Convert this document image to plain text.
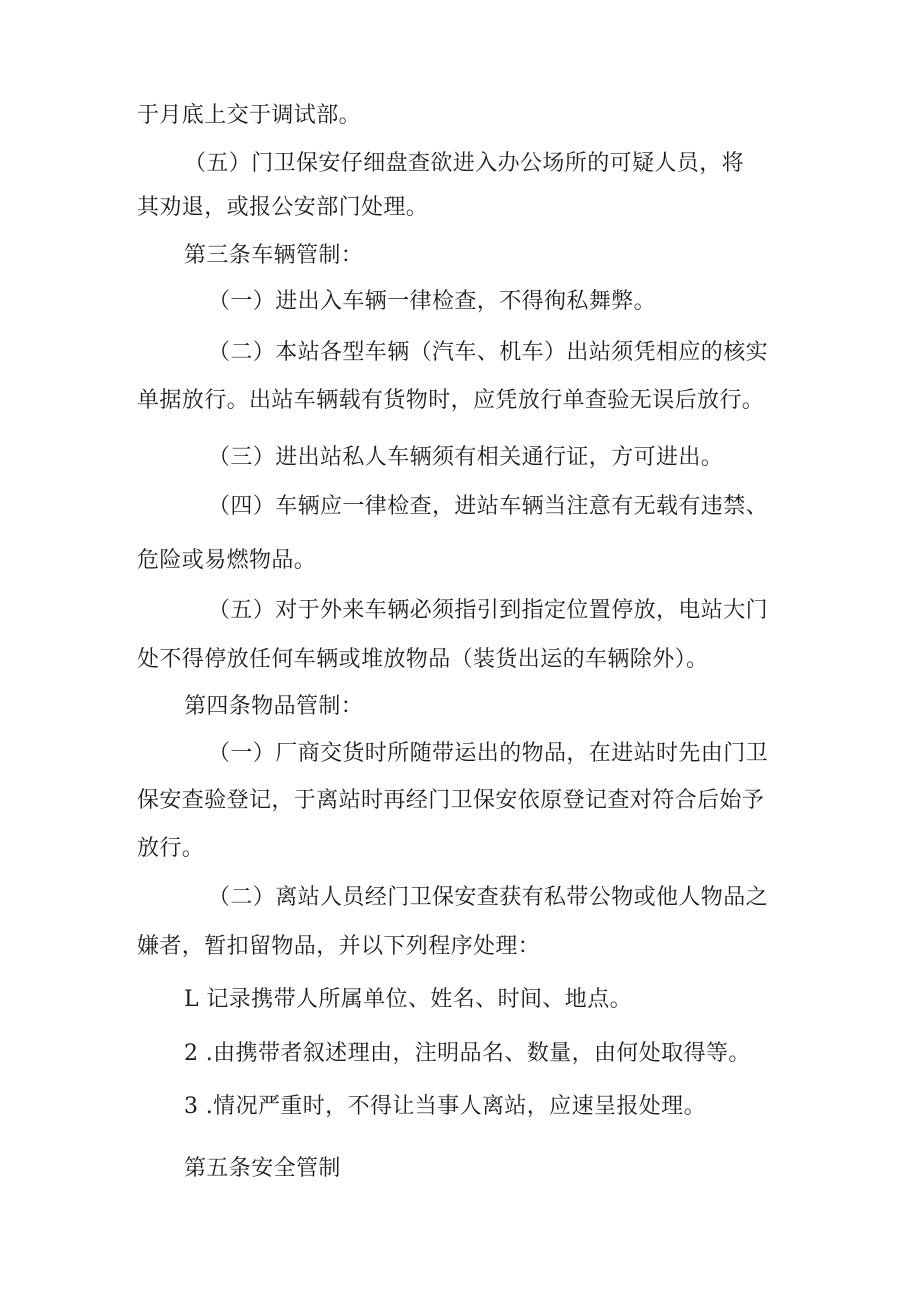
于月底上交于调试部。
（五）门卫保安仔细盘查欲进入办公场所的可疑人员，将
其劝退，或报公安部门处理。
第三条车辆管制：
（一）进出入车辆一律检查，不得徇私舞弊。
（二）本站各型车辆（汽车、机车）出站须凭相应的核实
单据放行。出站车辆载有货物时，应凭放行单查验无误后放行。
（三）进出站私人车辆须有相关通行证，方可进出。
（四）车辆应一律检查，进站车辆当注意有无载有违禁、
危险或易燃物品。
（五）对于外来车辆必须指引到指定位置停放，电站大门
处不得停放任何车辆或堆放物品（装货出运的车辆除外）。
第四条物品管制：
（一）厂商交货时所随带运出的物品，在进站时先由门卫
保安查验登记，于离站时再经门卫保安依原登记查对符合后始予
放行。
（二）离站人员经门卫保安查获有私带公物或他人物品之
嫌者，暂扣留物品，并以下列程序处理：
L 记录携带人所属单位、姓名、时间、地点。
2 .由携带者叙述理由，注明品名、数量，由何处取得等。
3 .情况严重时，不得让当事人离站，应速呈报处理。
第五条安全管制
